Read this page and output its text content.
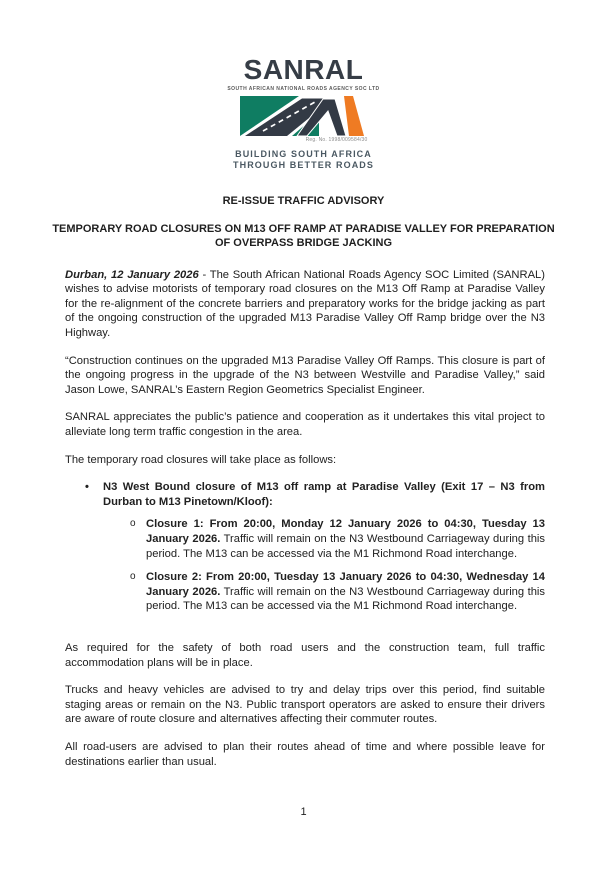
SANRAL
SOUTH AFRICAN NATIONAL ROADS AGENCY SOC LTD
Reg. No. 1998/009584/30
BUILDING SOUTH AFRICA
THROUGH BETTER ROADS
RE-ISSUE TRAFFIC ADVISORY
TEMPORARY ROAD CLOSURES ON M13 OFF RAMP AT PARADISE VALLEY FOR PREPARATION OF OVERPASS BRIDGE JACKING

Durban, 12 January 2026 - The South African National Roads Agency SOC Limited (SANRAL) wishes to advise motorists of temporary road closures on the M13 Off Ramp at Paradise Valley for the re-alignment of the concrete barriers and preparatory works for the bridge jacking as part of the ongoing construction of the upgraded M13 Paradise Valley Off Ramp bridge over the N3 Highway.

“Construction continues on the upgraded M13 Paradise Valley Off Ramps. This closure is part of the ongoing progress in the upgrade of the N3 between Westville and Paradise Valley,” said Jason Lowe, SANRAL’s Eastern Region Geometrics Specialist Engineer.

SANRAL appreciates the public’s patience and cooperation as it undertakes this vital project to alleviate long term traffic congestion in the area.

The temporary road closures will take place as follows:

•	N3 West Bound closure of M13 off ramp at Paradise Valley (Exit 17 – N3 from Durban to M13 Pinetown/Kloof):
o Closure 1: From 20:00, Monday 12 January 2026 to 04:30, Tuesday 13 January 2026. Traffic will remain on the N3 Westbound Carriageway during this period. The M13 can be accessed via the M1 Richmond Road interchange.
o Closure 2: From 20:00, Tuesday 13 January 2026 to 04:30, Wednesday 14 January 2026. Traffic will remain on the N3 Westbound Carriageway during this period. The M13 can be accessed via the M1 Richmond Road interchange.

As required for the safety of both road users and the construction team, full traffic accommodation plans will be in place.

Trucks and heavy vehicles are advised to try and delay trips over this period, find suitable staging areas or remain on the N3. Public transport operators are asked to ensure their drivers are aware of route closure and alternatives affecting their commuter routes.

All road-users are advised to plan their routes ahead of time and where possible leave for destinations earlier than usual.

1
